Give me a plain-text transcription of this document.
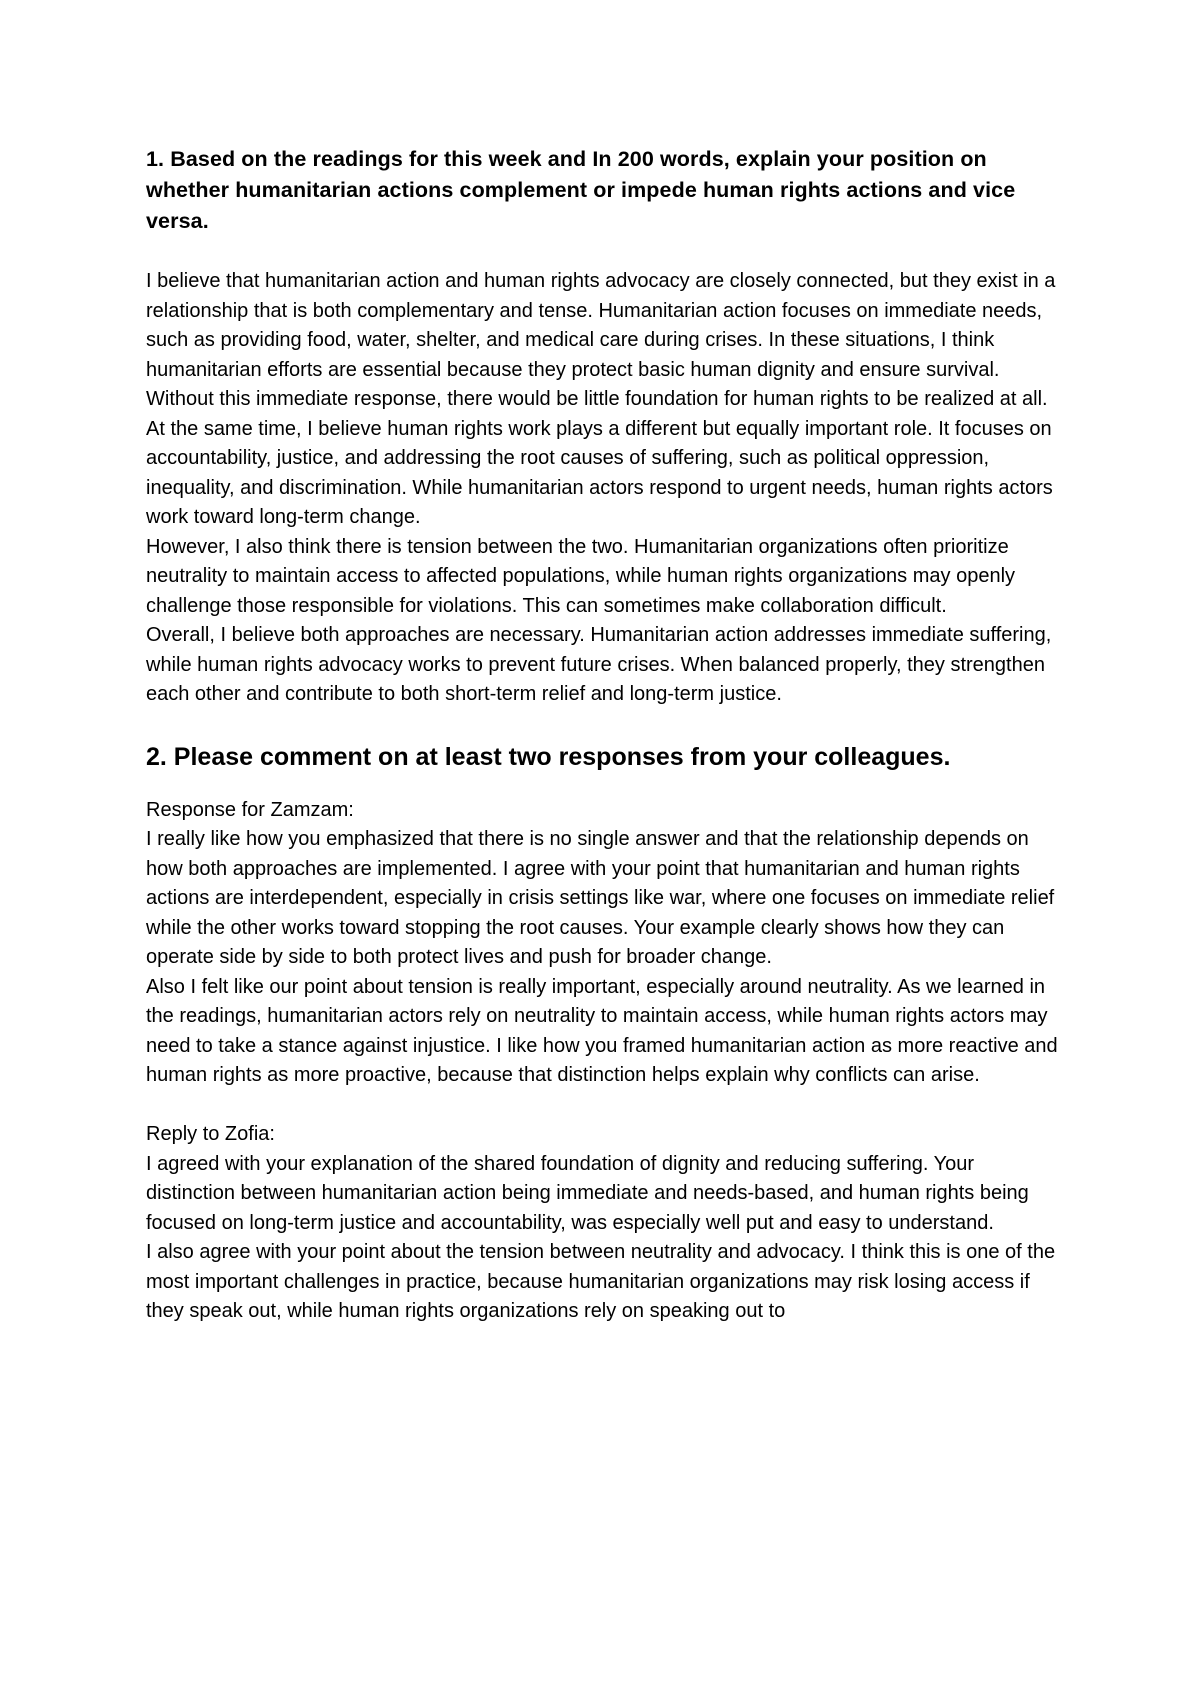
1. Based on the readings for this week and In 200 words, explain your position on whether humanitarian actions complement or impede human rights actions and vice versa.

I believe that humanitarian action and human rights advocacy are closely connected, but they exist in a relationship that is both complementary and tense. Humanitarian action focuses on immediate needs, such as providing food, water, shelter, and medical care during crises. In these situations, I think humanitarian efforts are essential because they protect basic human dignity and ensure survival. Without this immediate response, there would be little foundation for human rights to be realized at all.

At the same time, I believe human rights work plays a different but equally important role. It focuses on accountability, justice, and addressing the root causes of suffering, such as political oppression, inequality, and discrimination. While humanitarian actors respond to urgent needs, human rights actors work toward long-term change.

However, I also think there is tension between the two. Humanitarian organizations often prioritize neutrality to maintain access to affected populations, while human rights organizations may openly challenge those responsible for violations. This can sometimes make collaboration difficult.

Overall, I believe both approaches are necessary. Humanitarian action addresses immediate suffering, while human rights advocacy works to prevent future crises. When balanced properly, they strengthen each other and contribute to both short-term relief and long-term justice.

2. Please comment on at least two responses from your colleagues.

Response for Zamzam:

I really like how you emphasized that there is no single answer and that the relationship depends on how both approaches are implemented. I agree with your point that humanitarian and human rights actions are interdependent, especially in crisis settings like war, where one focuses on immediate relief while the other works toward stopping the root causes. Your example clearly shows how they can operate side by side to both protect lives and push for broader change.

Also I felt like our point about tension is really important, especially around neutrality. As we learned in the readings, humanitarian actors rely on neutrality to maintain access, while human rights actors may need to take a stance against injustice. I like how you framed humanitarian action as more reactive and human rights as more proactive, because that distinction helps explain why conflicts can arise.

Reply to Zofia:

I agreed with your explanation of the shared foundation of dignity and reducing suffering. Your distinction between humanitarian action being immediate and needs-based, and human rights being focused on long-term justice and accountability, was especially well put and easy to understand.

I also agree with your point about the tension between neutrality and advocacy. I think this is one of the most important challenges in practice, because humanitarian organizations may risk losing access if they speak out, while human rights organizations rely on speaking out to
